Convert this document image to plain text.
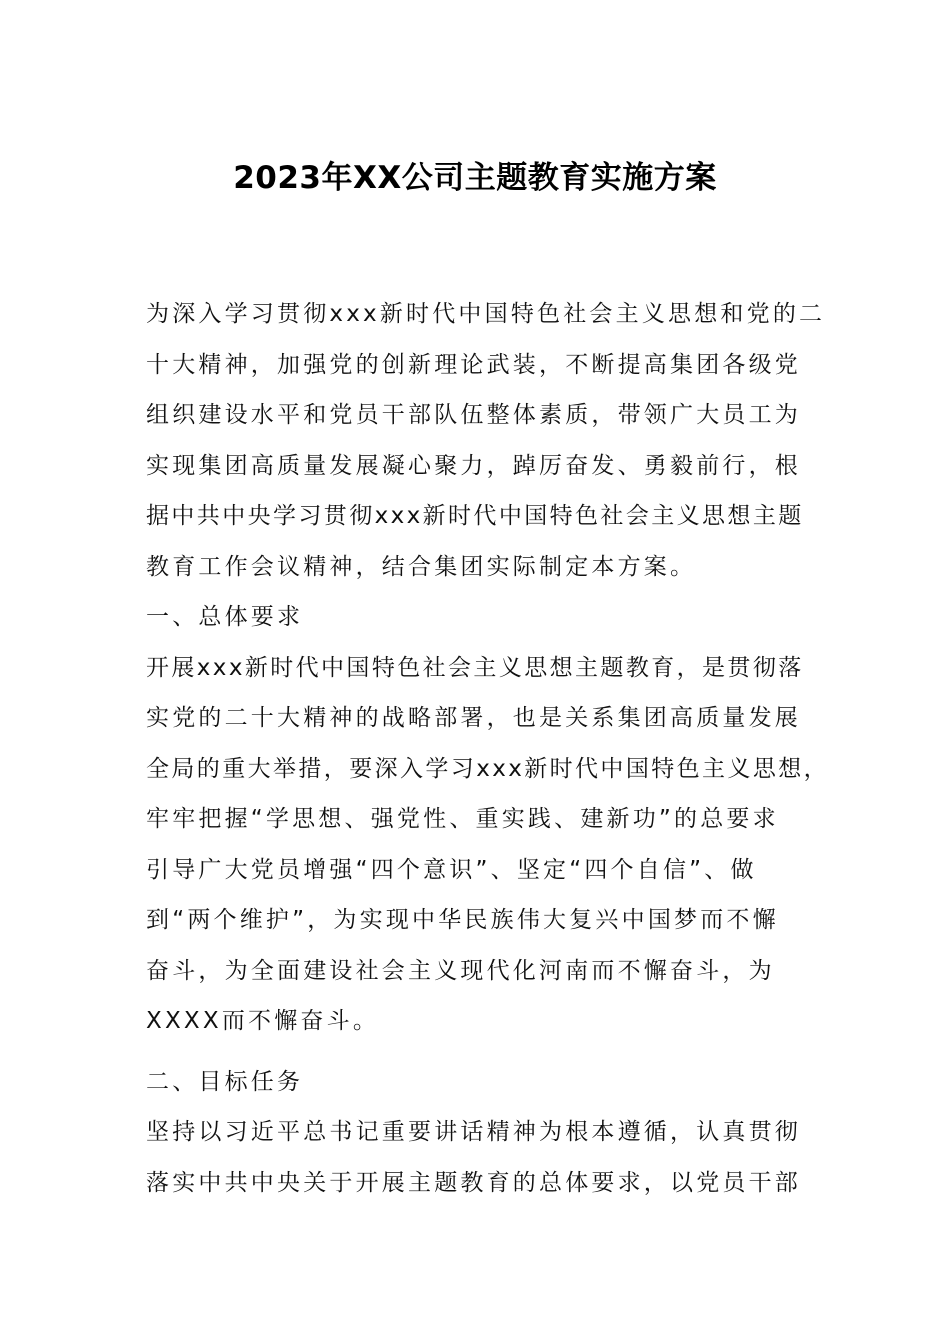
2023年XX公司主题教育实施方案
为深入学习贯彻xxx新时代中国特色社会主义思想和党的二
十大精神，加强党的创新理论武装，不断提高集团各级党
组织建设水平和党员干部队伍整体素质，带领广大员工为
实现集团高质量发展凝心聚力，踔厉奋发、勇毅前行，根
据中共中央学习贯彻xxx新时代中国特色社会主义思想主题
教育工作会议精神，结合集团实际制定本方案。
一、总体要求
开展xxx新时代中国特色社会主义思想主题教育，是贯彻落
实党的二十大精神的战略部署，也是关系集团高质量发展
全局的重大举措，要深入学习xxx新时代中国特色主义思想，
牢牢把握“学思想、强党性、重实践、建新功”的总要求
引导广大党员增强“四个意识”、坚定“四个自信”、做
到“两个维护”，为实现中华民族伟大复兴中国梦而不懈
奋斗，为全面建设社会主义现代化河南而不懈奋斗，为
XXXX而不懈奋斗。
二、目标任务
坚持以习近平总书记重要讲话精神为根本遵循，认真贯彻
落实中共中央关于开展主题教育的总体要求，以党员干部
